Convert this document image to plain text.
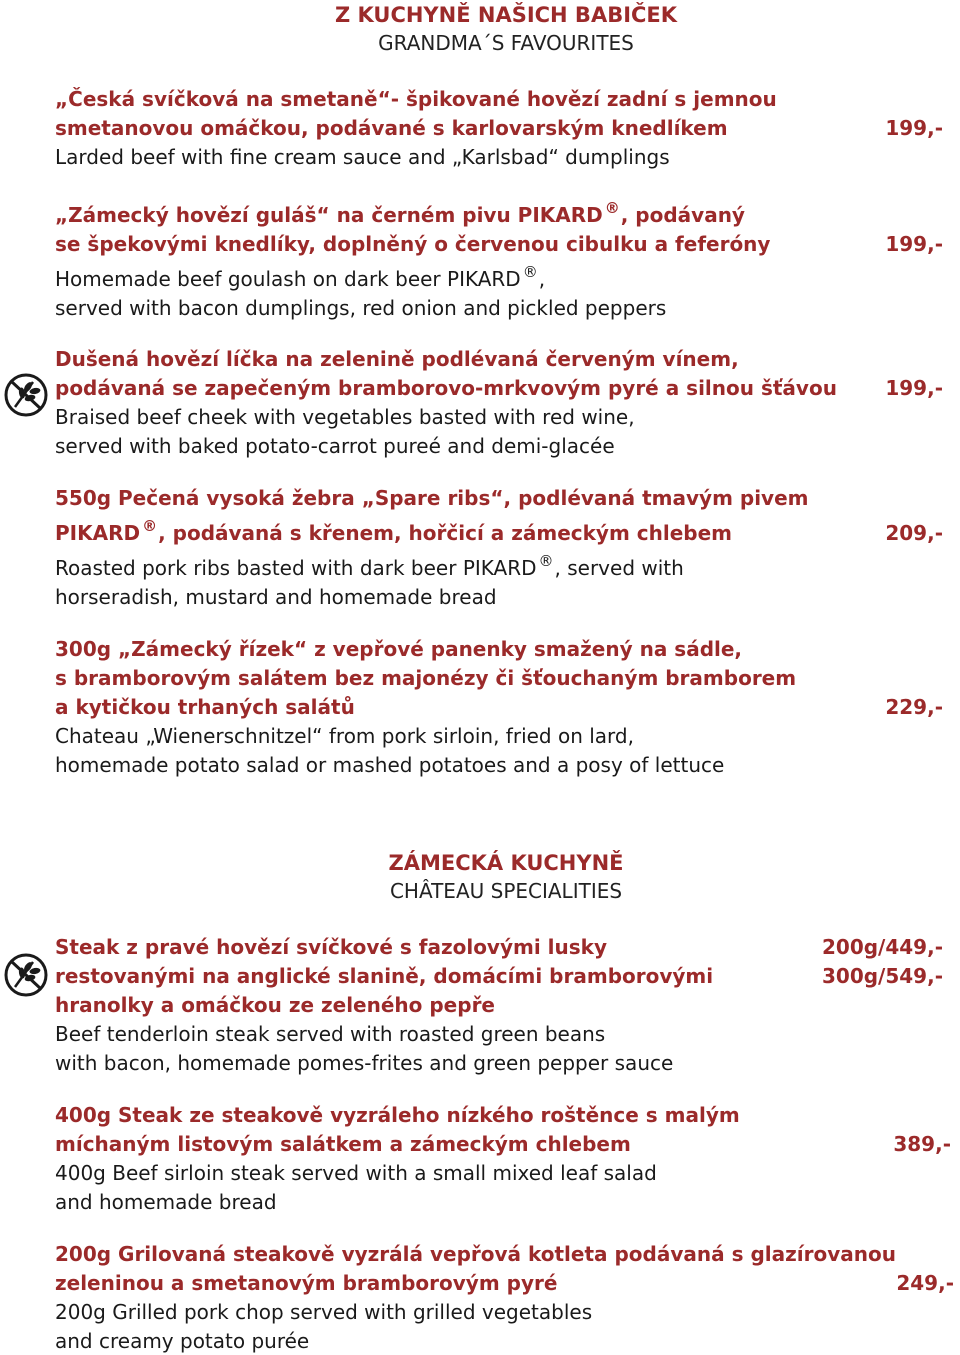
Z KUCHYNĚ NAŠICH BABIČEK
GRANDMA´S FAVOURITES
„Česká svíčková na smetaně“- špikované hovězí zadní s jemnou
smetanovou omáčkou, podávané s karlovarským knedlíkem	199,-
Larded beef with fine cream sauce and „Karlsbad“ dumplings
„Zámecký hovězí guláš“ na černém pivu PIKARD ®, podávaný
se špekovými knedlíky, doplněný o červenou cibulku a feferóny	199,-
Homemade beef goulash on dark beer PIKARD ®,
served with bacon dumplings, red onion and pickled peppers
Dušená hovězí líčka na zelenině podlévaná červeným vínem,
podávaná se zapečeným bramborovo-mrkvovým pyré a silnou šťávou 199,-
Braised beef cheek with vegetables basted with red wine,
served with baked potato-carrot pureé and demi-glacée
550g Pečená vysoká žebra „Spare ribs“, podlévaná tmavým pivem
PIKARD ®, podávaná s křenem, hořčicí a zámeckým chlebem	209,-
Roasted pork ribs basted with dark beer PIKARD ®, served with
horseradish, mustard and homemade bread
300g „Zámecký řízek“ z vepřové panenky smažený na sádle,
s bramborovým salátem bez majonézy či šťouchaným bramborem
a kytičkou trhaných salátů	229,-
Chateau „Wienerschnitzel“ from pork sirloin, fried on lard,
homemade potato salad or mashed potatoes and a posy of lettuce
ZÁMECKÁ KUCHYNĚ
CHÂTEAU SPECIALITIES
Steak z pravé hovězí svíčkové s fazolovými lusky	200g/449,-
restovanými na anglické slanině, domácími bramborovými	300g/549,-
hranolky a omáčkou ze zeleného pepře
Beef tenderloin steak served with roasted green beans
with bacon, homemade pomes-frites and green pepper sauce
400g Steak ze steakově vyzráleho nízkého roštěnce s malým
míchaným listovým salátkem a zámeckým chlebem	389,-
400g Beef sirloin steak served with a small mixed leaf salad
and homemade bread
200g Grilovaná steakově vyzrálá vepřová kotleta podávaná s glazírovanou
zeleninou a smetanovým bramborovým pyré	249,-
200g Grilled pork chop served with grilled vegetables
and creamy potato purée
